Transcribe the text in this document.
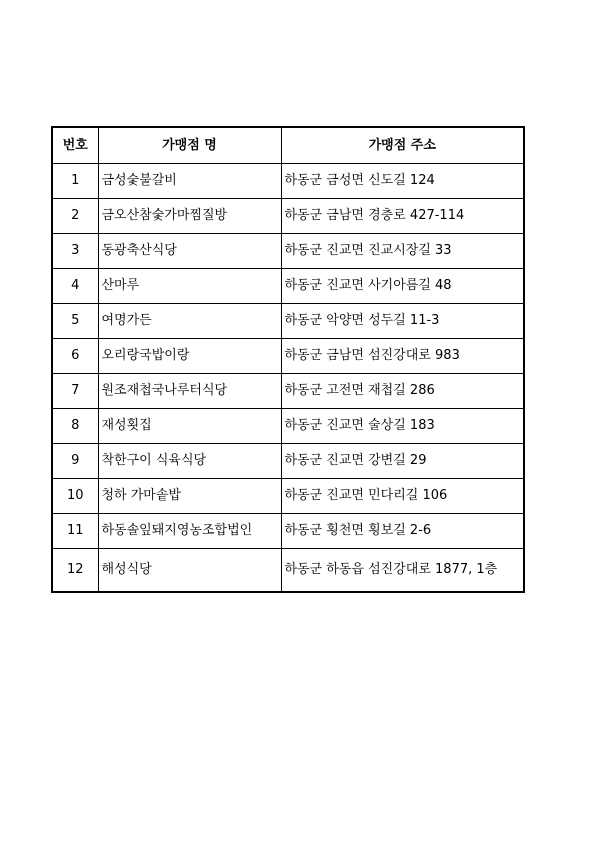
번호	가맹점 명	가맹점 주소
1	금성숯불갈비	하동군 금성면 신도길 124
2	금오산참숯가마찜질방	하동군 금남면 경충로 427-114
3	동광축산식당	하동군 진교면 진교시장길 33
4	산마루	하동군 진교면 사기아름길 48
5	여명가든	하동군 악양면 성두길 11-3
6	오리랑국밥이랑	하동군 금남면 섬진강대로 983
7	원조재첩국나루터식당	하동군 고전면 재첩길 286
8	재성횟집	하동군 진교면 술상길 183
9	착한구이 식육식당	하동군 진교면 강변길 29
10	청하 가마솥밥	하동군 진교면 민다리길 106
11	하동솔잎돼지영농조합법인	하동군 횡천면 횡보길 2-6
12	해성식당	하동군 하동읍 섬진강대로 1877, 1층
